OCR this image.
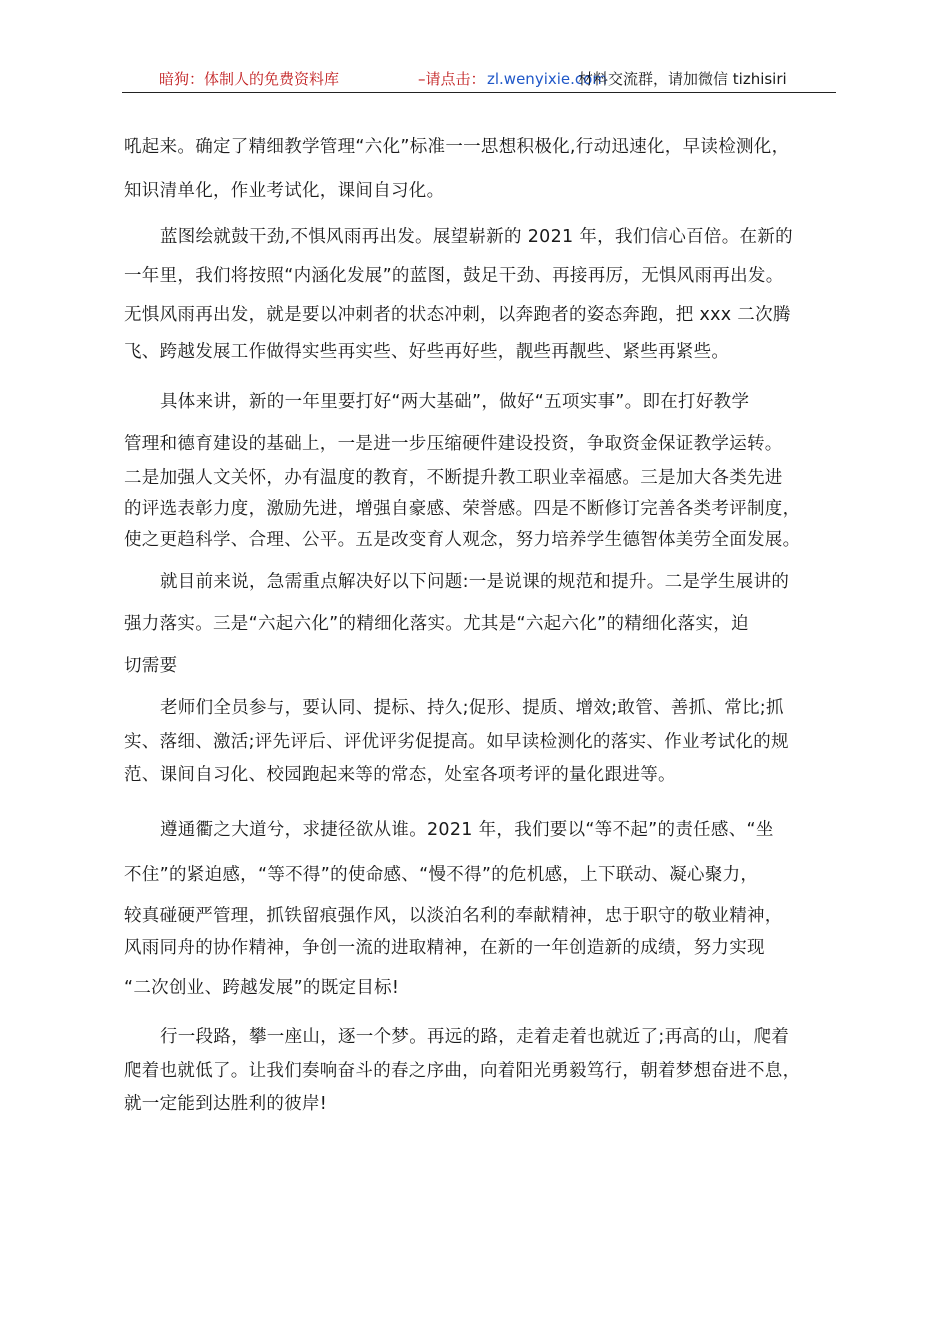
暗狗：体制人的免费资料库	–请点击： zl.wenyixie.com
材料交流群，请加微信 tizhisiri
吼起来。确定了精细教学管理“六化”标准一一思想积极化,行动迅速化，早读检测化，
知识清单化，作业考试化，课间自习化。
蓝图绘就鼓干劲,不惧风雨再出发。展望崭新的 2021 年，我们信心百倍。在新的
一年里，我们将按照“内涵化发展”的蓝图，鼓足干劲、再接再厉，无惧风雨再出发。
无惧风雨再出发，就是要以冲刺者的状态冲刺，以奔跑者的姿态奔跑，把 xxx 二次腾
飞、跨越发展工作做得实些再实些、好些再好些，靓些再靓些、紧些再紧些。
具体来讲，新的一年里要打好“两大基础”，做好“五项实事”。即在打好教学
管理和德育建设的基础上，一是进一步压缩硬件建设投资，争取资金保证教学运转。
二是加强人文关怀，办有温度的教育，不断提升教工职业幸福感。三是加大各类先进
的评选表彰力度，激励先进，增强自豪感、荣誉感。四是不断修订完善各类考评制度，
使之更趋科学、合理、公平。五是改变育人观念，努力培养学生德智体美劳全面发展。
就目前来说，急需重点解决好以下问题:一是说课的规范和提升。二是学生展讲的
强力落实。三是“六起六化”的精细化落实。尤其是“六起六化”的精细化落实，迫
切需要
老师们全员参与，要认同、提标、持久;促形、提质、增效;敢管、善抓、常比;抓
实、落细、激活;评先评后、评优评劣促提高。如早读检测化的落实、作业考试化的规
范、课间自习化、校园跑起来等的常态，处室各项考评的量化跟进等。
遵通衢之大道兮，求捷径欲从谁。2021 年，我们要以“等不起”的责任感、“坐
不住”的紧迫感，“等不得”的使命感、“慢不得”的危机感，上下联动、凝心聚力，
较真碰硬严管理，抓铁留痕强作风，以淡泊名利的奉献精神，忠于职守的敬业精神，
风雨同舟的协作精神，争创一流的进取精神，在新的一年创造新的成绩，努力实现
“二次创业、跨越发展”的既定目标!
行一段路，攀一座山，逐一个梦。再远的路，走着走着也就近了;再高的山，爬着
爬着也就低了。让我们奏响奋斗的春之序曲，向着阳光勇毅笃行，朝着梦想奋进不息，
就一定能到达胜利的彼岸!
